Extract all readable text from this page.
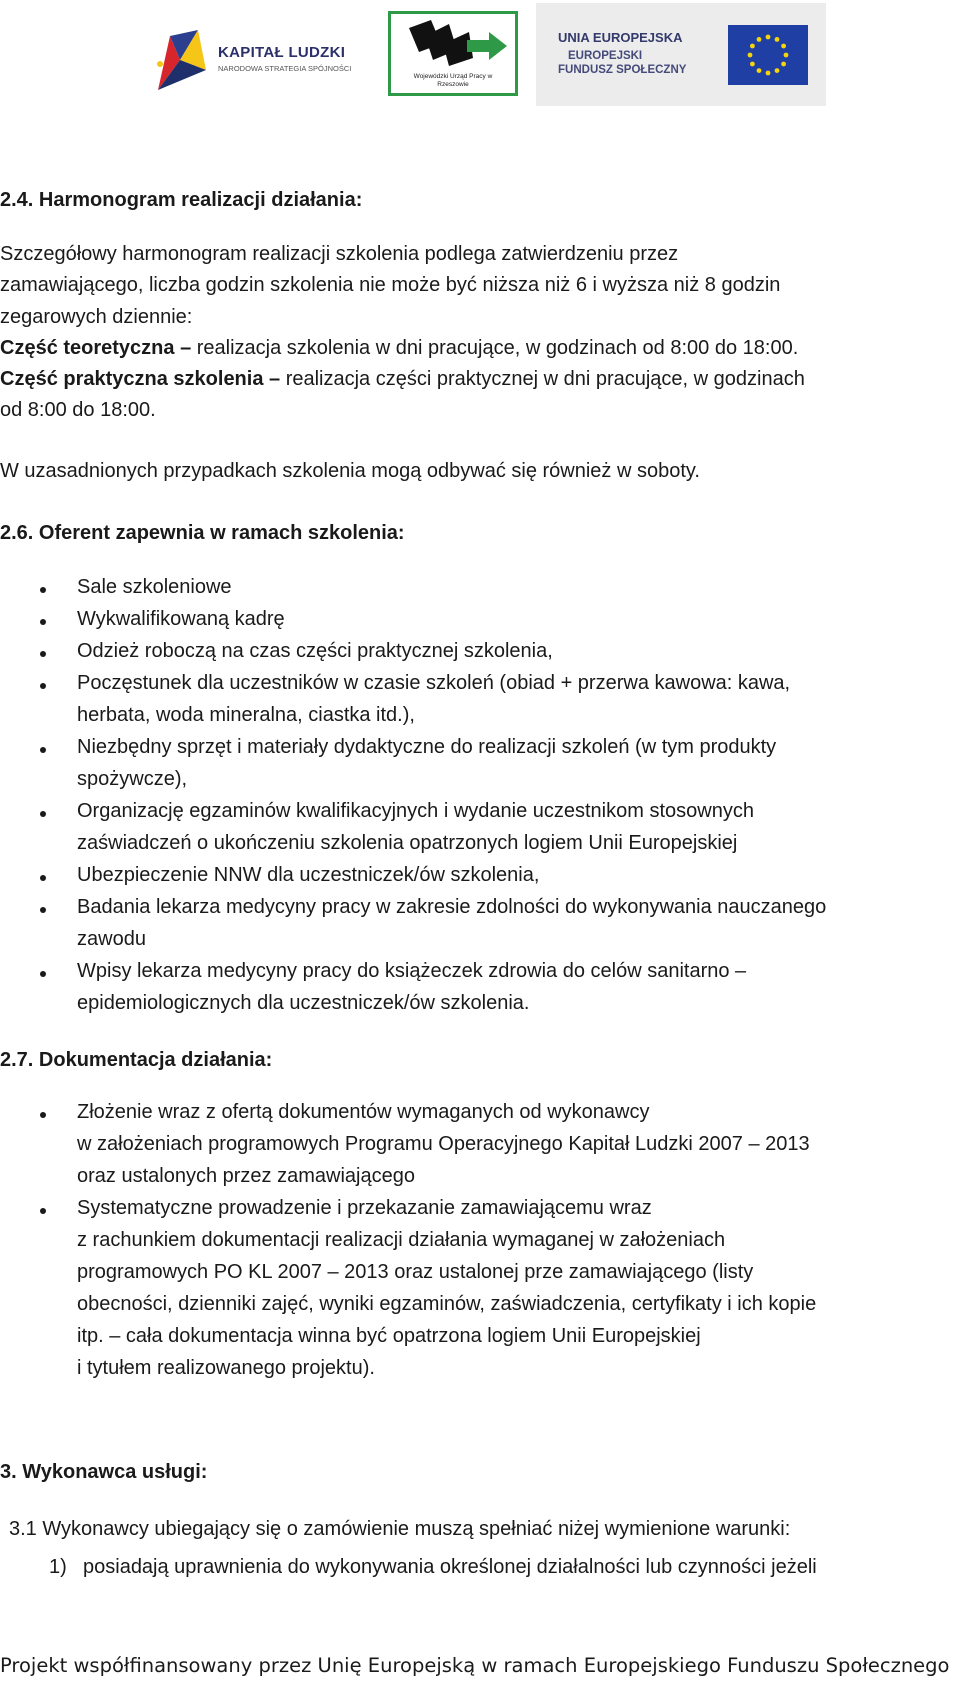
KAPITAŁ LUDZKI
NARODOWA STRATEGIA SPÓJNOŚCI
Wojewódzki Urząd Pracy w Rzeszowie
UNIA EUROPEJSKA
EUROPEJSKI
FUNDUSZ SPOŁECZNY
2.4. Harmonogram realizacji działania:
Szczegółowy harmonogram realizacji szkolenia podlega zatwierdzeniu przez
zamawiającego, liczba godzin szkolenia nie może być niższa niż 6 i wyższa niż 8 godzin
zegarowych dziennie:
Część teoretyczna – realizacja szkolenia w dni pracujące, w godzinach od 8:00 do 18:00.
Część praktyczna szkolenia – realizacja części praktycznej w dni pracujące, w godzinach
od 8:00 do 18:00.
W uzasadnionych przypadkach szkolenia mogą odbywać się również w soboty.
2.6. Oferent zapewnia w ramach szkolenia:
Sale szkoleniowe
Wykwalifikowaną kadrę
Odzież roboczą na czas części praktycznej szkolenia,
Poczęstunek dla uczestników w czasie szkoleń (obiad + przerwa kawowa: kawa,
herbata, woda mineralna, ciastka itd.),
Niezbędny sprzęt i materiały dydaktyczne do realizacji szkoleń (w tym produkty
spożywcze),
Organizację egzaminów kwalifikacyjnych i wydanie uczestnikom stosownych
zaświadczeń o ukończeniu szkolenia opatrzonych logiem Unii Europejskiej
Ubezpieczenie NNW dla uczestniczek/ów szkolenia,
Badania lekarza medycyny pracy w zakresie zdolności do wykonywania nauczanego
zawodu
Wpisy lekarza medycyny pracy do książeczek zdrowia do celów sanitarno –
epidemiologicznych dla uczestniczek/ów szkolenia.
2.7. Dokumentacja działania:
Złożenie wraz z ofertą dokumentów wymaganych od wykonawcy
w założeniach programowych Programu Operacyjnego Kapitał Ludzki 2007 – 2013
oraz ustalonych przez zamawiającego
Systematyczne prowadzenie i przekazanie zamawiającemu wraz
z rachunkiem dokumentacji realizacji działania wymaganej w założeniach
programowych PO KL 2007 – 2013 oraz ustalonej prze zamawiającego (listy
obecności, dzienniki zajęć, wyniki egzaminów, zaświadczenia, certyfikaty i ich kopie
itp. – cała dokumentacja winna być opatrzona logiem Unii Europejskiej
i tytułem realizowanego projektu).
3. Wykonawca usługi:
3.1 Wykonawcy ubiegający się o zamówienie muszą spełniać niżej wymienione warunki:
1) posiadają uprawnienia do wykonywania określonej działalności lub czynności jeżeli
Projekt współfinansowany przez Unię Europejską w ramach Europejskiego Funduszu Społecznego
